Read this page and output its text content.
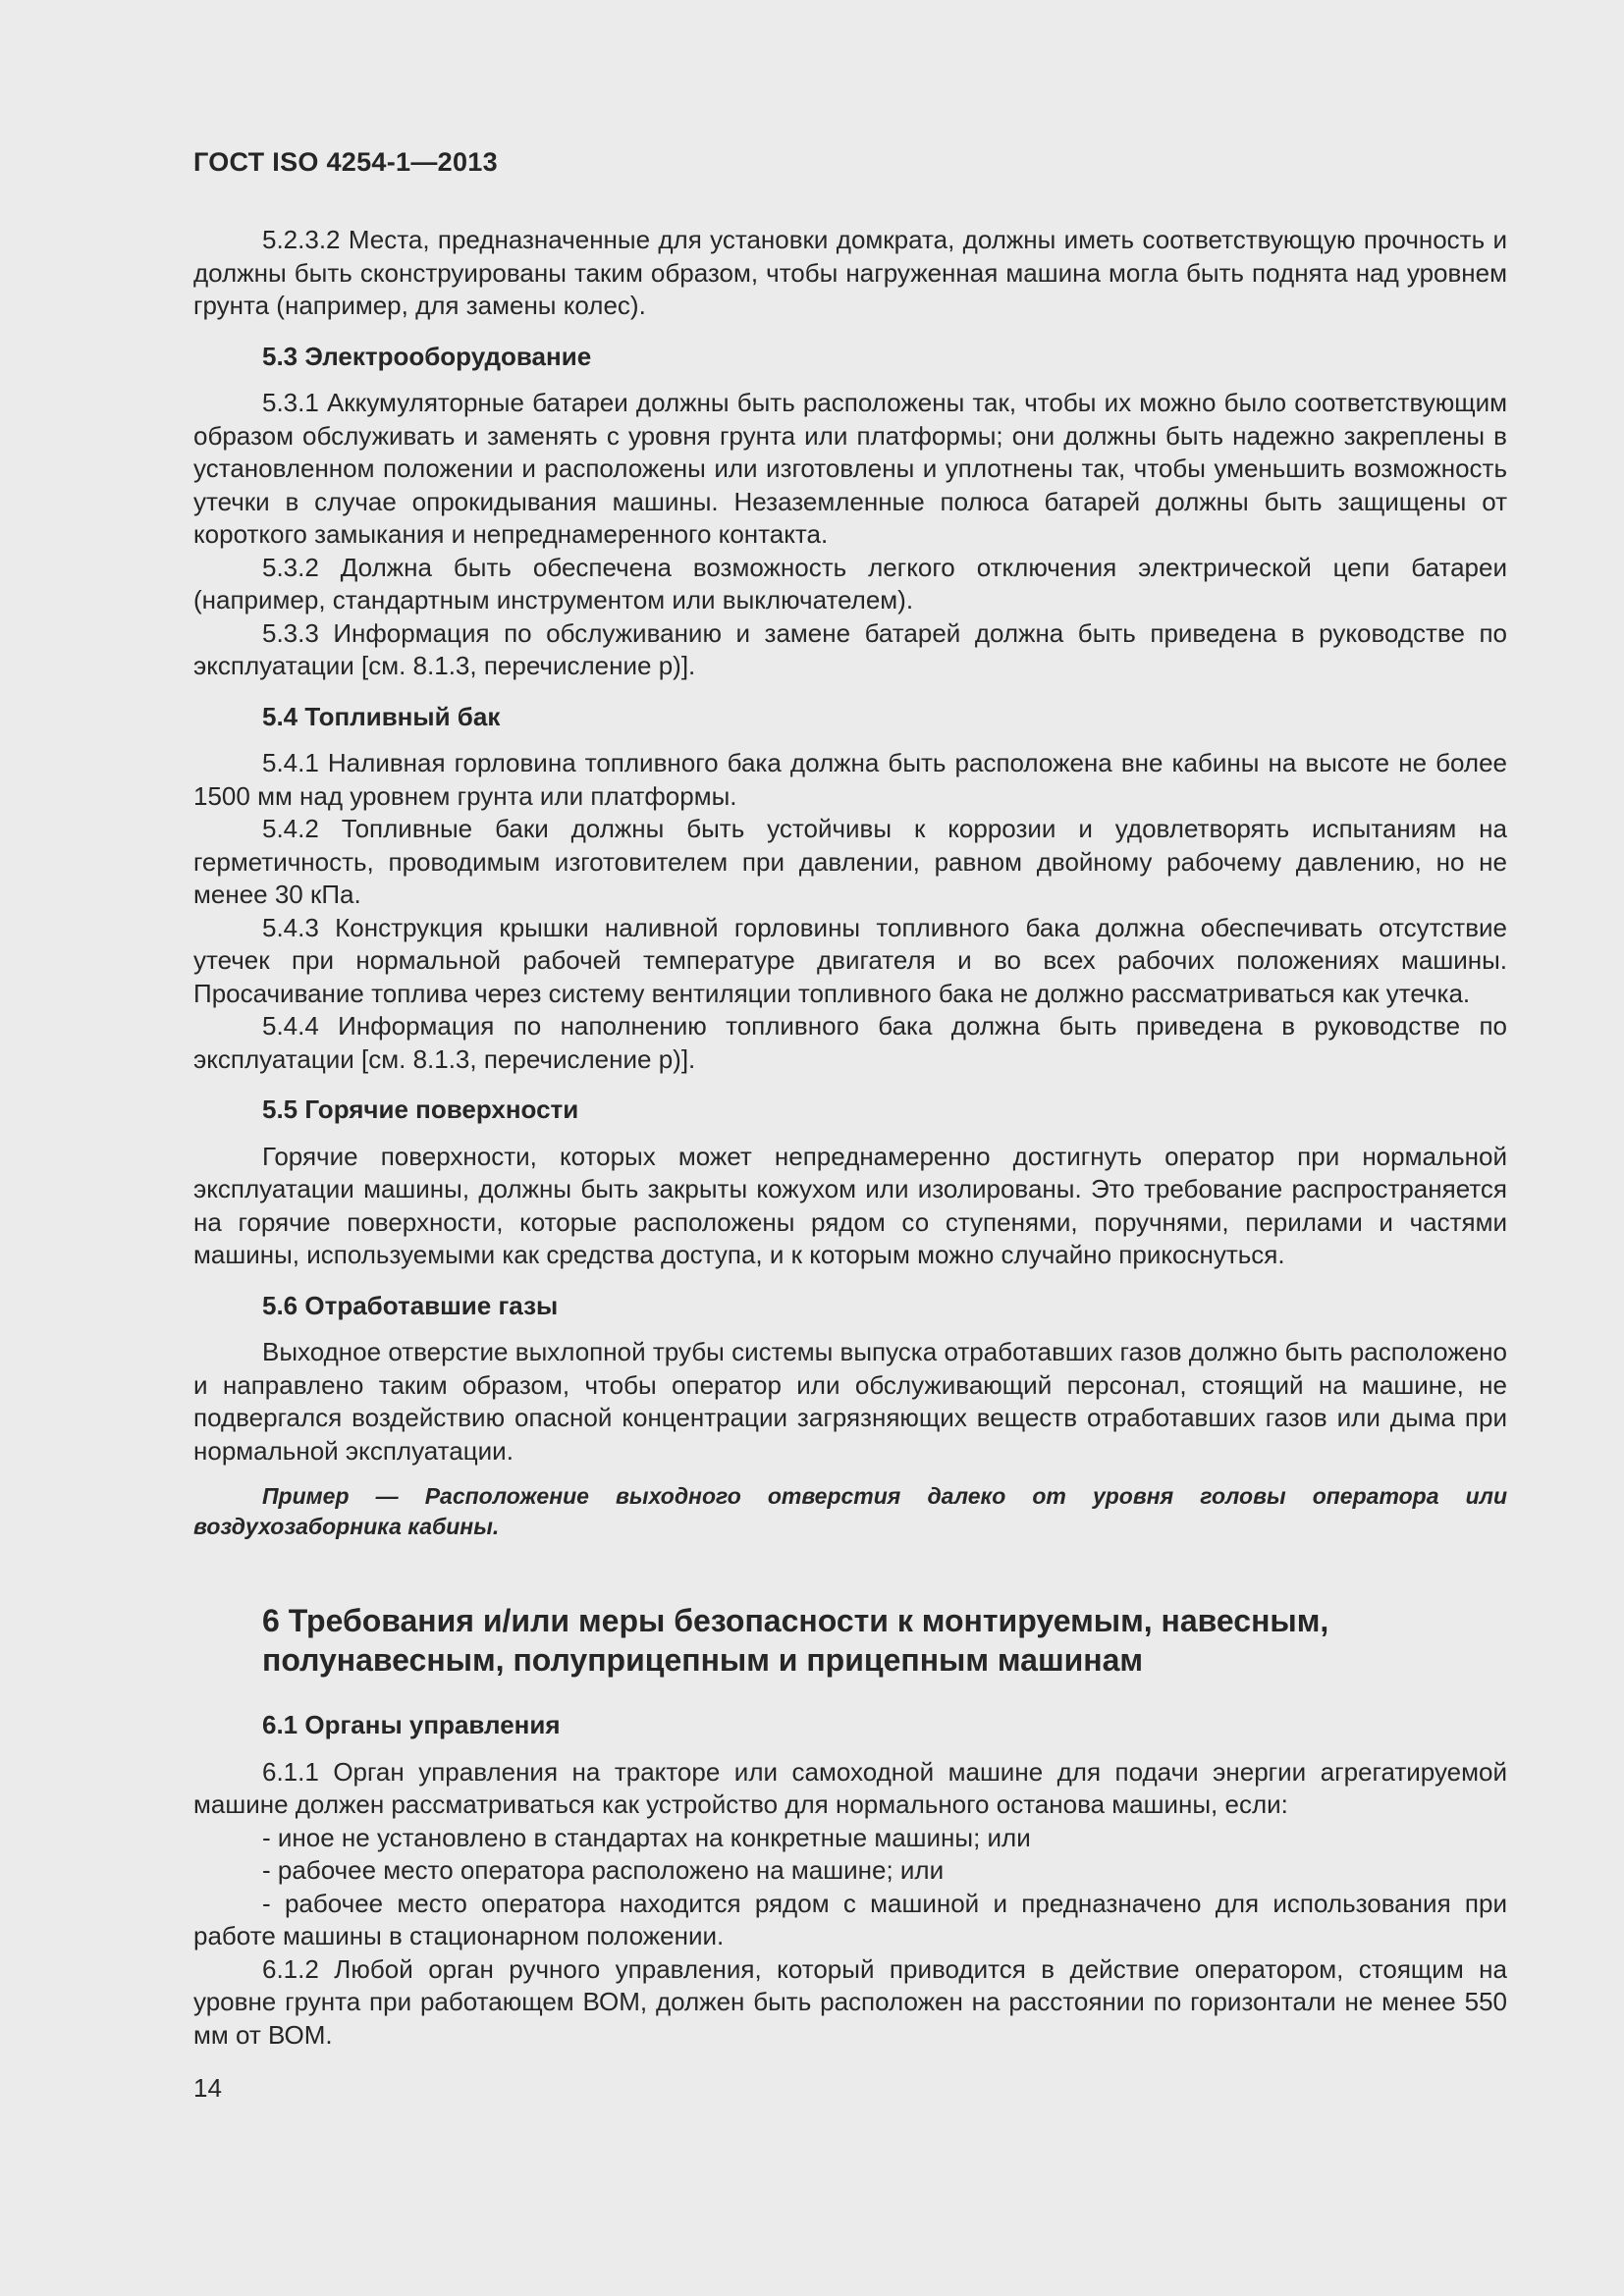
ГОСТ ISO 4254-1—2013

5.2.3.2 Места, предназначенные для установки домкрата, должны иметь соответствующую прочность и должны быть сконструированы таким образом, чтобы нагруженная машина могла быть поднята над уровнем грунта (например, для замены колес).

5.3 Электрооборудование

5.3.1 Аккумуляторные батареи должны быть расположены так, чтобы их можно было соответствующим образом обслуживать и заменять с уровня грунта или платформы; они должны быть надежно закреплены в установленном положении и расположены или изготовлены и уплотнены так, чтобы уменьшить возможность утечки в случае опрокидывания машины. Незаземленные полюса батарей должны быть защищены от короткого замыкания и непреднамеренного контакта.

5.3.2 Должна быть обеспечена возможность легкого отключения электрической цепи батареи (например, стандартным инструментом или выключателем).

5.3.3 Информация по обслуживанию и замене батарей должна быть приведена в руководстве по эксплуатации [см. 8.1.3, перечисление р)].

5.4 Топливный бак

5.4.1 Наливная горловина топливного бака должна быть расположена вне кабины на высоте не более 1500 мм над уровнем грунта или платформы.

5.4.2 Топливные баки должны быть устойчивы к коррозии и удовлетворять испытаниям на герметичность, проводимым изготовителем при давлении, равном двойному рабочему давлению, но не менее 30 кПа.

5.4.3 Конструкция крышки наливной горловины топливного бака должна обеспечивать отсутствие утечек при нормальной рабочей температуре двигателя и во всех рабочих положениях машины. Просачивание топлива через систему вентиляции топливного бака не должно рассматриваться как утечка.

5.4.4 Информация по наполнению топливного бака должна быть приведена в руководстве по эксплуатации [см. 8.1.3, перечисление р)].

5.5 Горячие поверхности

Горячие поверхности, которых может непреднамеренно достигнуть оператор при нормальной эксплуатации машины, должны быть закрыты кожухом или изолированы. Это требование распространяется на горячие поверхности, которые расположены рядом со ступенями, поручнями, перилами и частями машины, используемыми как средства доступа, и к которым можно случайно прикоснуться.

5.6 Отработавшие газы

Выходное отверстие выхлопной трубы системы выпуска отработавших газов должно быть расположено и направлено таким образом, чтобы оператор или обслуживающий персонал, стоящий на машине, не подвергался воздействию опасной концентрации загрязняющих веществ отработавших газов или дыма при нормальной эксплуатации.

Пример — Расположение выходного отверстия далеко от уровня головы оператора или воздухозаборника кабины.

6 Требования и/или меры безопасности к монтируемым, навесным, полунавесным, полуприцепным и прицепным машинам
6.1 Органы управления

6.1.1 Орган управления на тракторе или самоходной машине для подачи энергии агрегатируемой машине должен рассматриваться как устройство для нормального останова машины, если:

- иное не установлено в стандартах на конкретные машины; или

- рабочее место оператора расположено на машине; или

- рабочее место оператора находится рядом с машиной и предназначено для использования при работе машины в стационарном положении.

6.1.2 Любой орган ручного управления, который приводится в действие оператором, стоящим на уровне грунта при работающем ВОМ, должен быть расположен на расстоянии по горизонтали не менее 550 мм от ВОМ.

14
